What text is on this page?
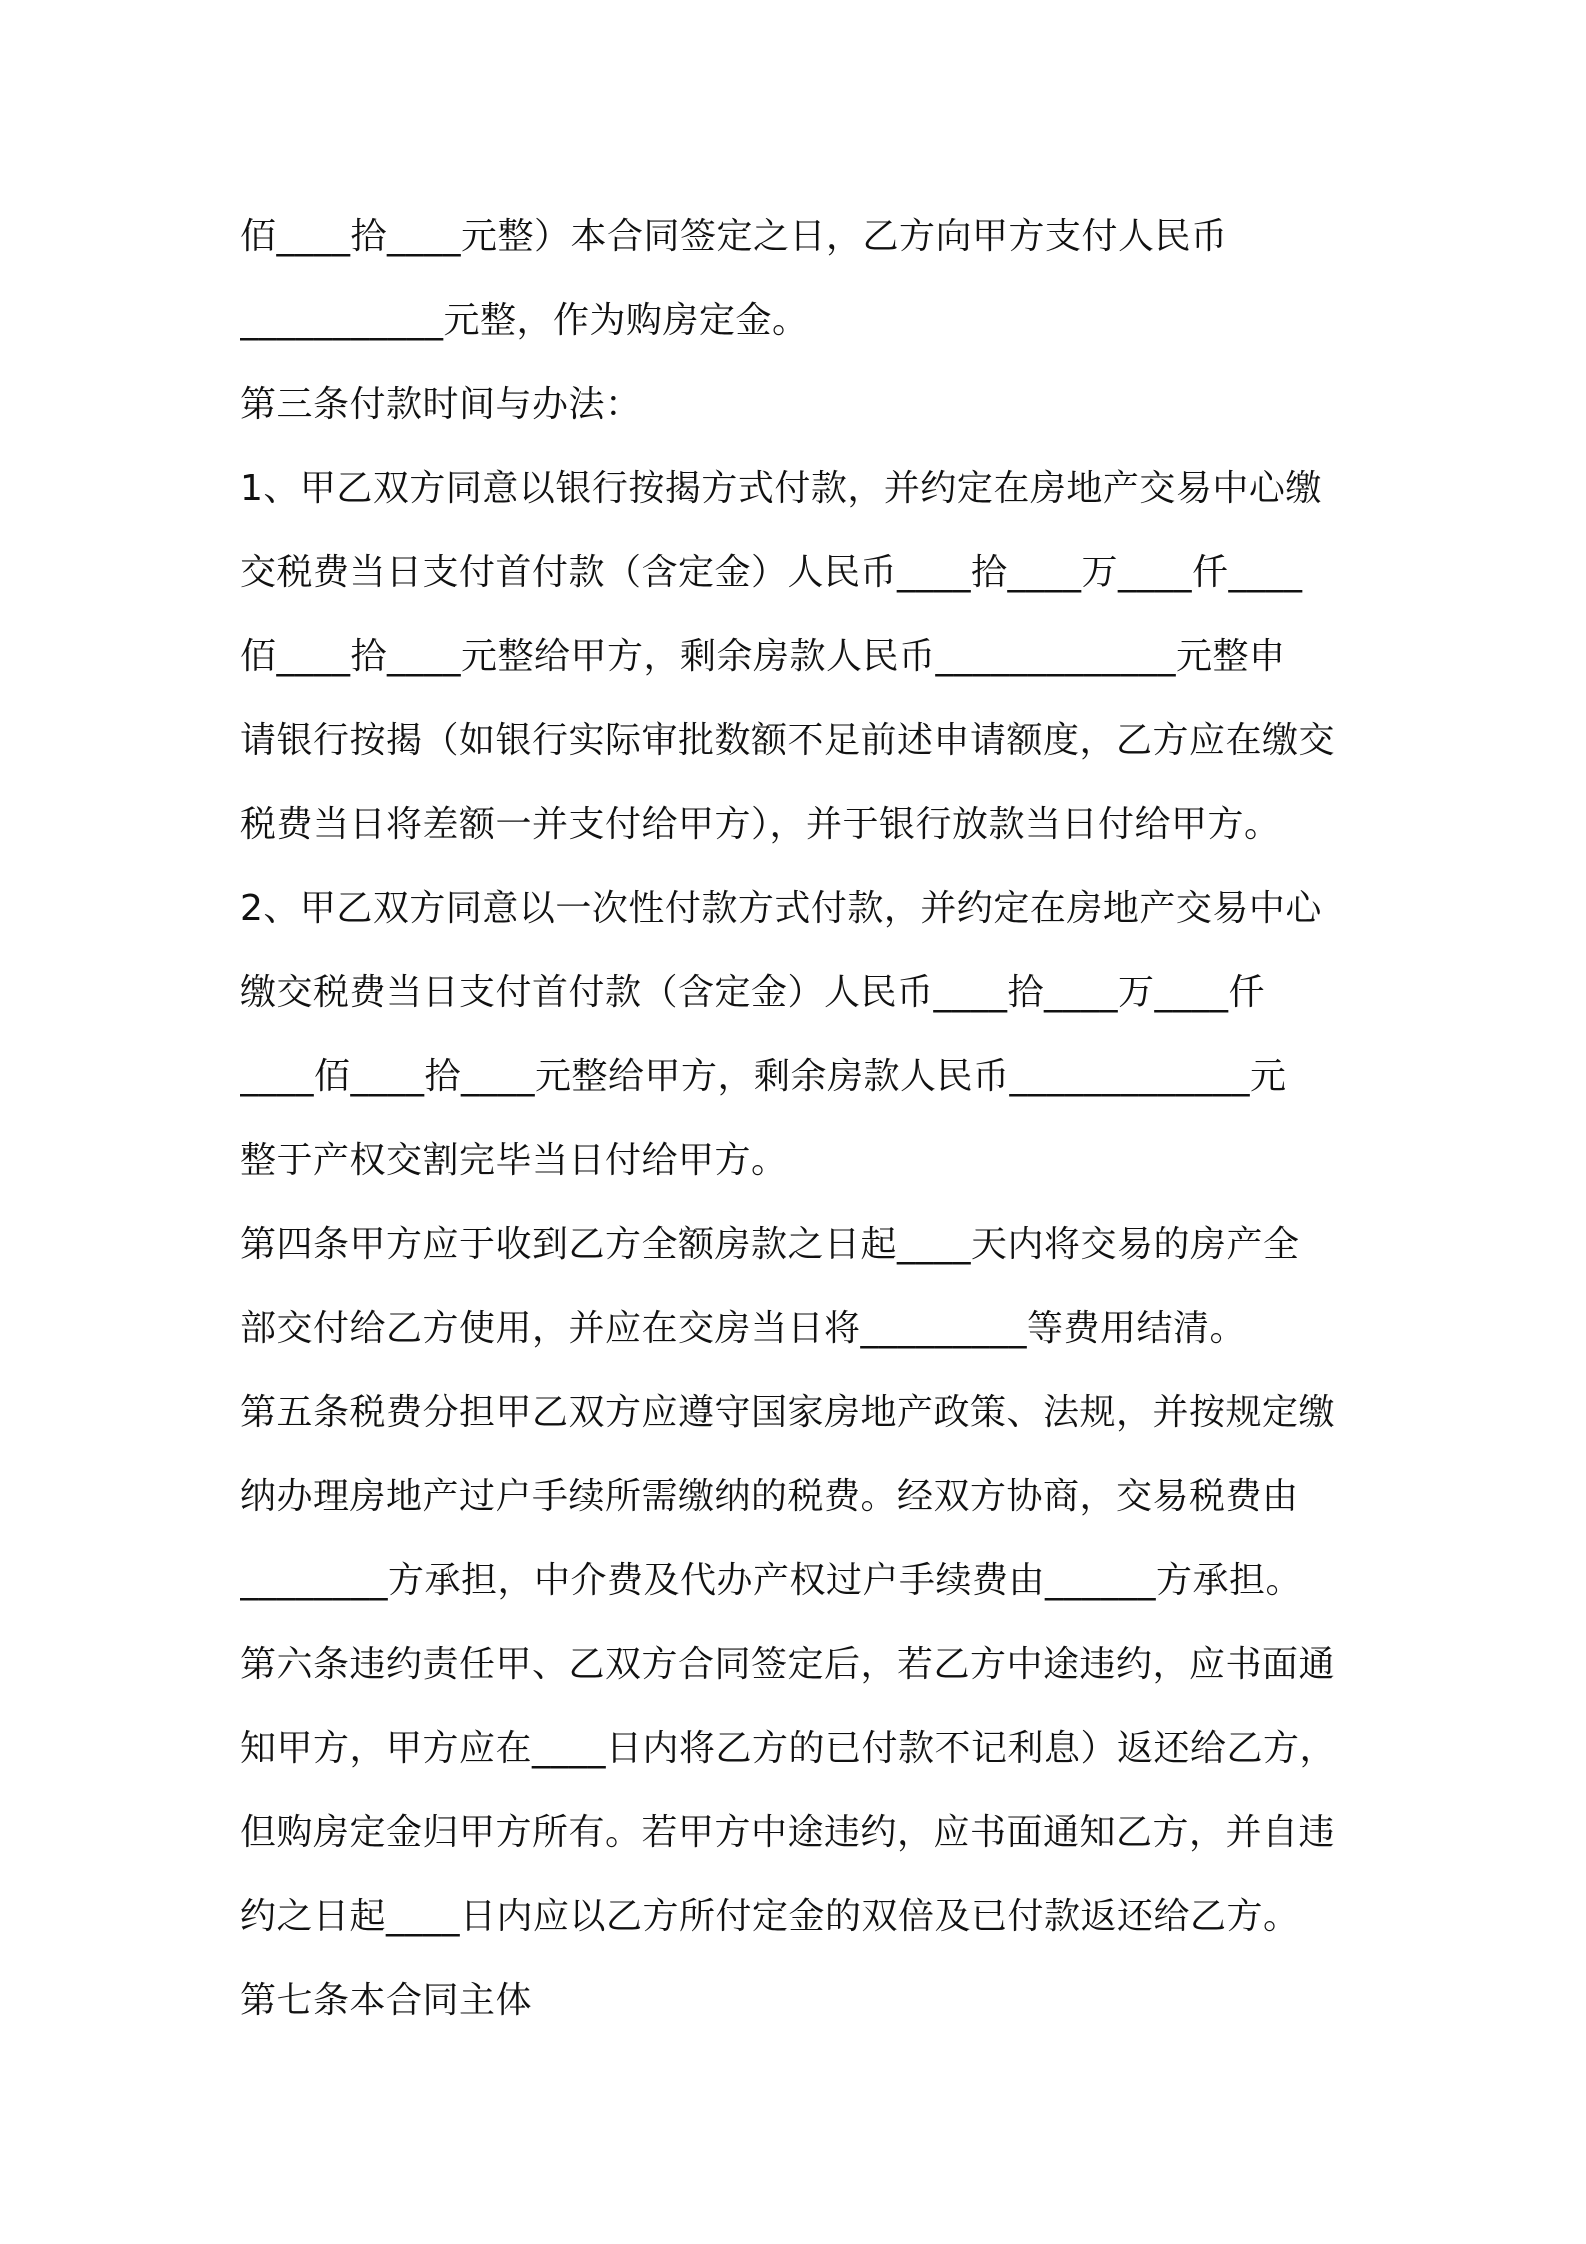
佰____拾____元整）本合同签定之日，乙方向甲方支付人民币
___________元整，作为购房定金。
第三条付款时间与办法：
1、甲乙双方同意以银行按揭方式付款，并约定在房地产交易中心缴
交税费当日支付首付款（含定金）人民币____拾____万____仟____
佰____拾____元整给甲方，剩余房款人民币_____________元整申
请银行按揭（如银行实际审批数额不足前述申请额度，乙方应在缴交
税费当日将差额一并支付给甲方），并于银行放款当日付给甲方。
2、甲乙双方同意以一次性付款方式付款，并约定在房地产交易中心
缴交税费当日支付首付款（含定金）人民币____拾____万____仟
____佰____拾____元整给甲方，剩余房款人民币_____________元
整于产权交割完毕当日付给甲方。
第四条甲方应于收到乙方全额房款之日起____天内将交易的房产全
部交付给乙方使用，并应在交房当日将_________等费用结清。
第五条税费分担甲乙双方应遵守国家房地产政策、法规，并按规定缴
纳办理房地产过户手续所需缴纳的税费。经双方协商，交易税费由
________方承担，中介费及代办产权过户手续费由______方承担。
第六条违约责任甲、乙双方合同签定后，若乙方中途违约，应书面通
知甲方，甲方应在____日内将乙方的已付款不记利息）返还给乙方，
但购房定金归甲方所有。若甲方中途违约，应书面通知乙方，并自违
约之日起____日内应以乙方所付定金的双倍及已付款返还给乙方。
第七条本合同主体
